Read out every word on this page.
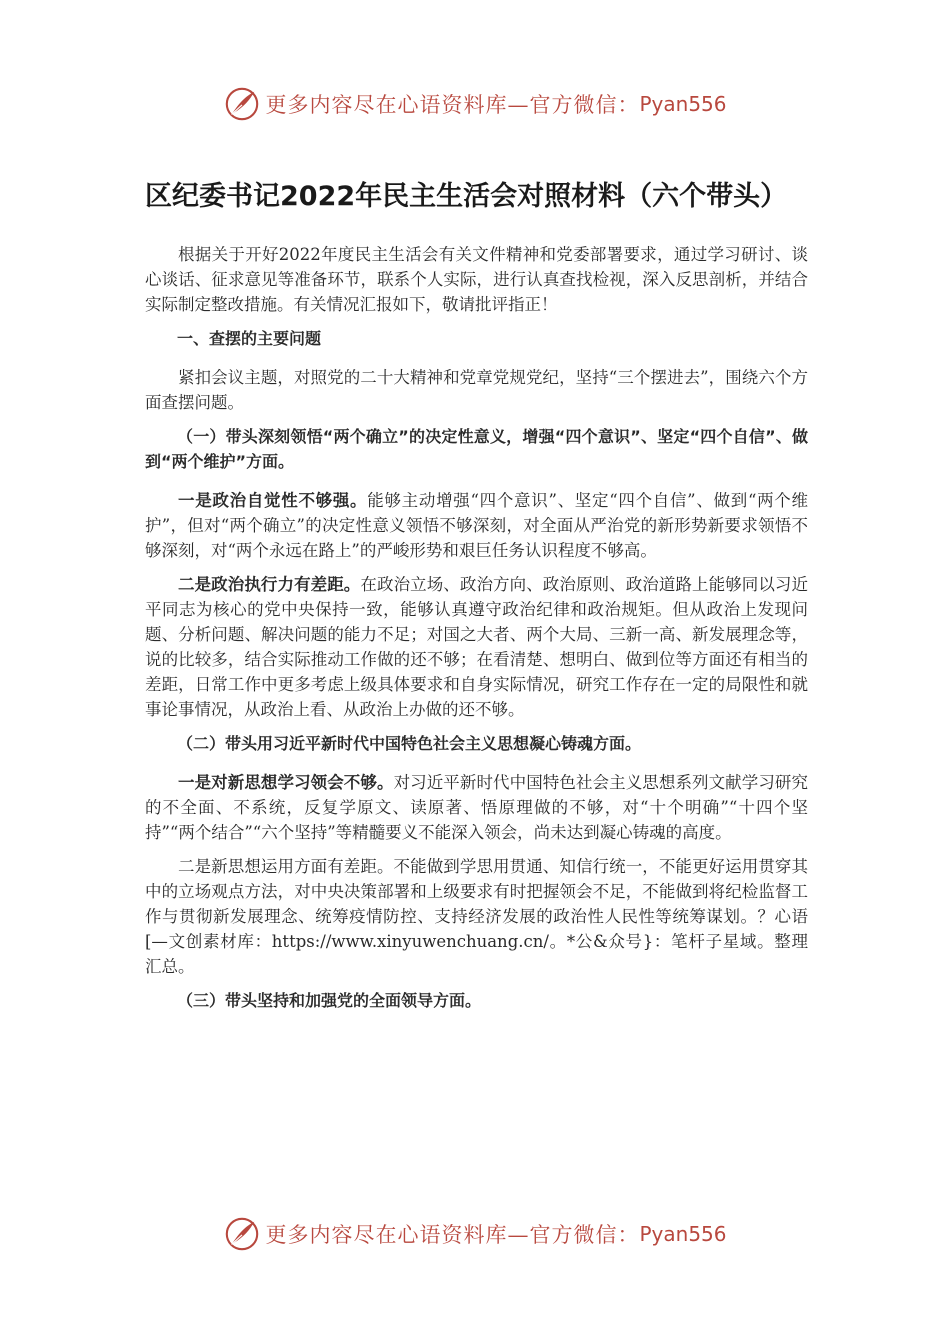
更多内容尽在心语资料库—官方微信： Pyan556
区纪委书记2022年民主生活会对照材料（六个带头）

根据关于开好2022年度民主生活会有关文件精神和党委部署要求，通过学习研讨、谈心谈话、征求意见等准备环节，联系个人实际，进行认真查找检视，深入反思剖析，并结合实际制定整改措施。有关情况汇报如下，敬请批评指正！

一、查摆的主要问题

紧扣会议主题，对照党的二十大精神和党章党规党纪，坚持“三个摆进去”，围绕六个方面查摆问题。

（一）带头深刻领悟“两个确立”的决定性意义，增强“四个意识”、坚定“四个自信”、做到“两个维护”方面。

一是政治自觉性不够强。能够主动增强“四个意识”、坚定“四个自信”、做到“两个维护”，但对“两个确立”的决定性意义领悟不够深刻，对全面从严治党的新形势新要求领悟不够深刻，对“两个永远在路上”的严峻形势和艰巨任务认识程度不够高。

二是政治执行力有差距。在政治立场、政治方向、政治原则、政治道路上能够同以习近平同志为核心的党中央保持一致，能够认真遵守政治纪律和政治规矩。但从政治上发现问题、分析问题、解决问题的能力不足；对国之大者、两个大局、三新一高、新发展理念等，说的比较多，结合实际推动工作做的还不够；在看清楚、想明白、做到位等方面还有相当的差距，日常工作中更多考虑上级具体要求和自身实际情况，研究工作存在一定的局限性和就事论事情况，从政治上看、从政治上办做的还不够。

（二）带头用习近平新时代中国特色社会主义思想凝心铸魂方面。

一是对新思想学习领会不够。对习近平新时代中国特色社会主义思想系列文献学习研究的不全面、不系统，反复学原文、读原著、悟原理做的不够，对“十个明确”“十四个坚持”“两个结合”“六个坚持”等精髓要义不能深入领会，尚未达到凝心铸魂的高度。

二是新思想运用方面有差距。不能做到学思用贯通、知信行统一，不能更好运用贯穿其中的立场观点方法，对中央决策部署和上级要求有时把握领会不足，不能做到将纪检监督工作与贯彻新发展理念、统筹疫情防控、支持经济发展的政治性人民性等统筹谋划。？心语[—文创素材库：https://www.xinyuwenchuang.cn/。*公&众号}：笔杆子星域。整理汇总。

（三）带头坚持和加强党的全面领导方面。

更多内容尽在心语资料库—官方微信： Pyan556
